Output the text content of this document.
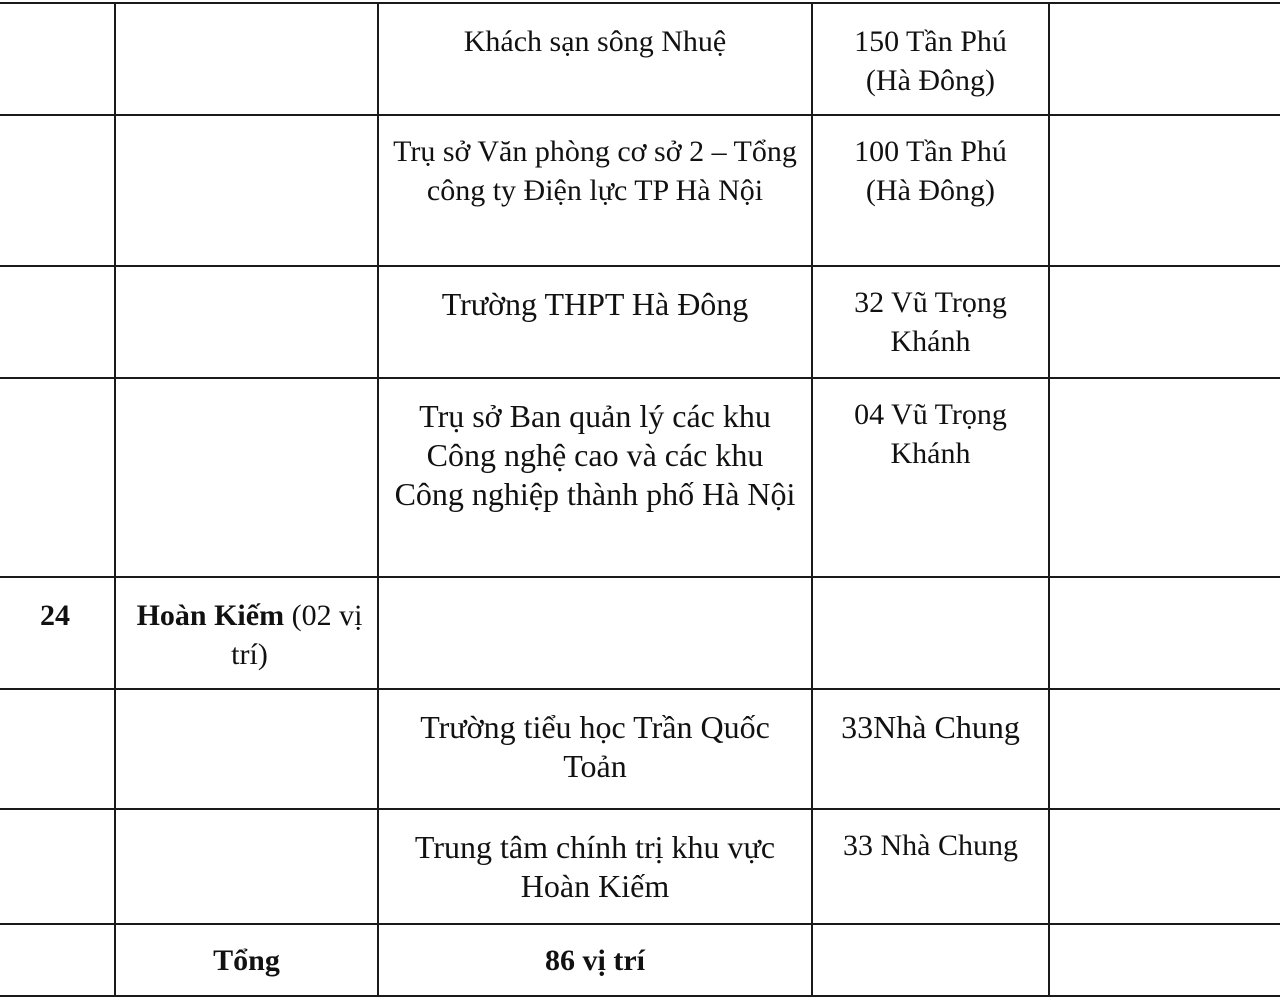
		Khách sạn sông Nhuệ	150 Tần Phú
(Hà Đông)	

		Trụ sở Văn phòng cơ sở 2 – Tổng công ty Điện lực TP Hà Nội	100 Tần Phú
(Hà Đông)	

		Trường THPT Hà Đông	32 Vũ Trọng
Khánh	

		Trụ sở Ban quản lý các khu Công nghệ cao và các khu Công nghiệp thành phố Hà Nội	04 Vũ Trọng
Khánh	

24	Hoàn Kiếm (02 vị trí)			

		Trường tiểu học Trần Quốc Toản	33Nhà Chung	

		Trung tâm chính trị khu vực Hoàn Kiếm	33 Nhà Chung	

	Tổng	86 vị trí		
